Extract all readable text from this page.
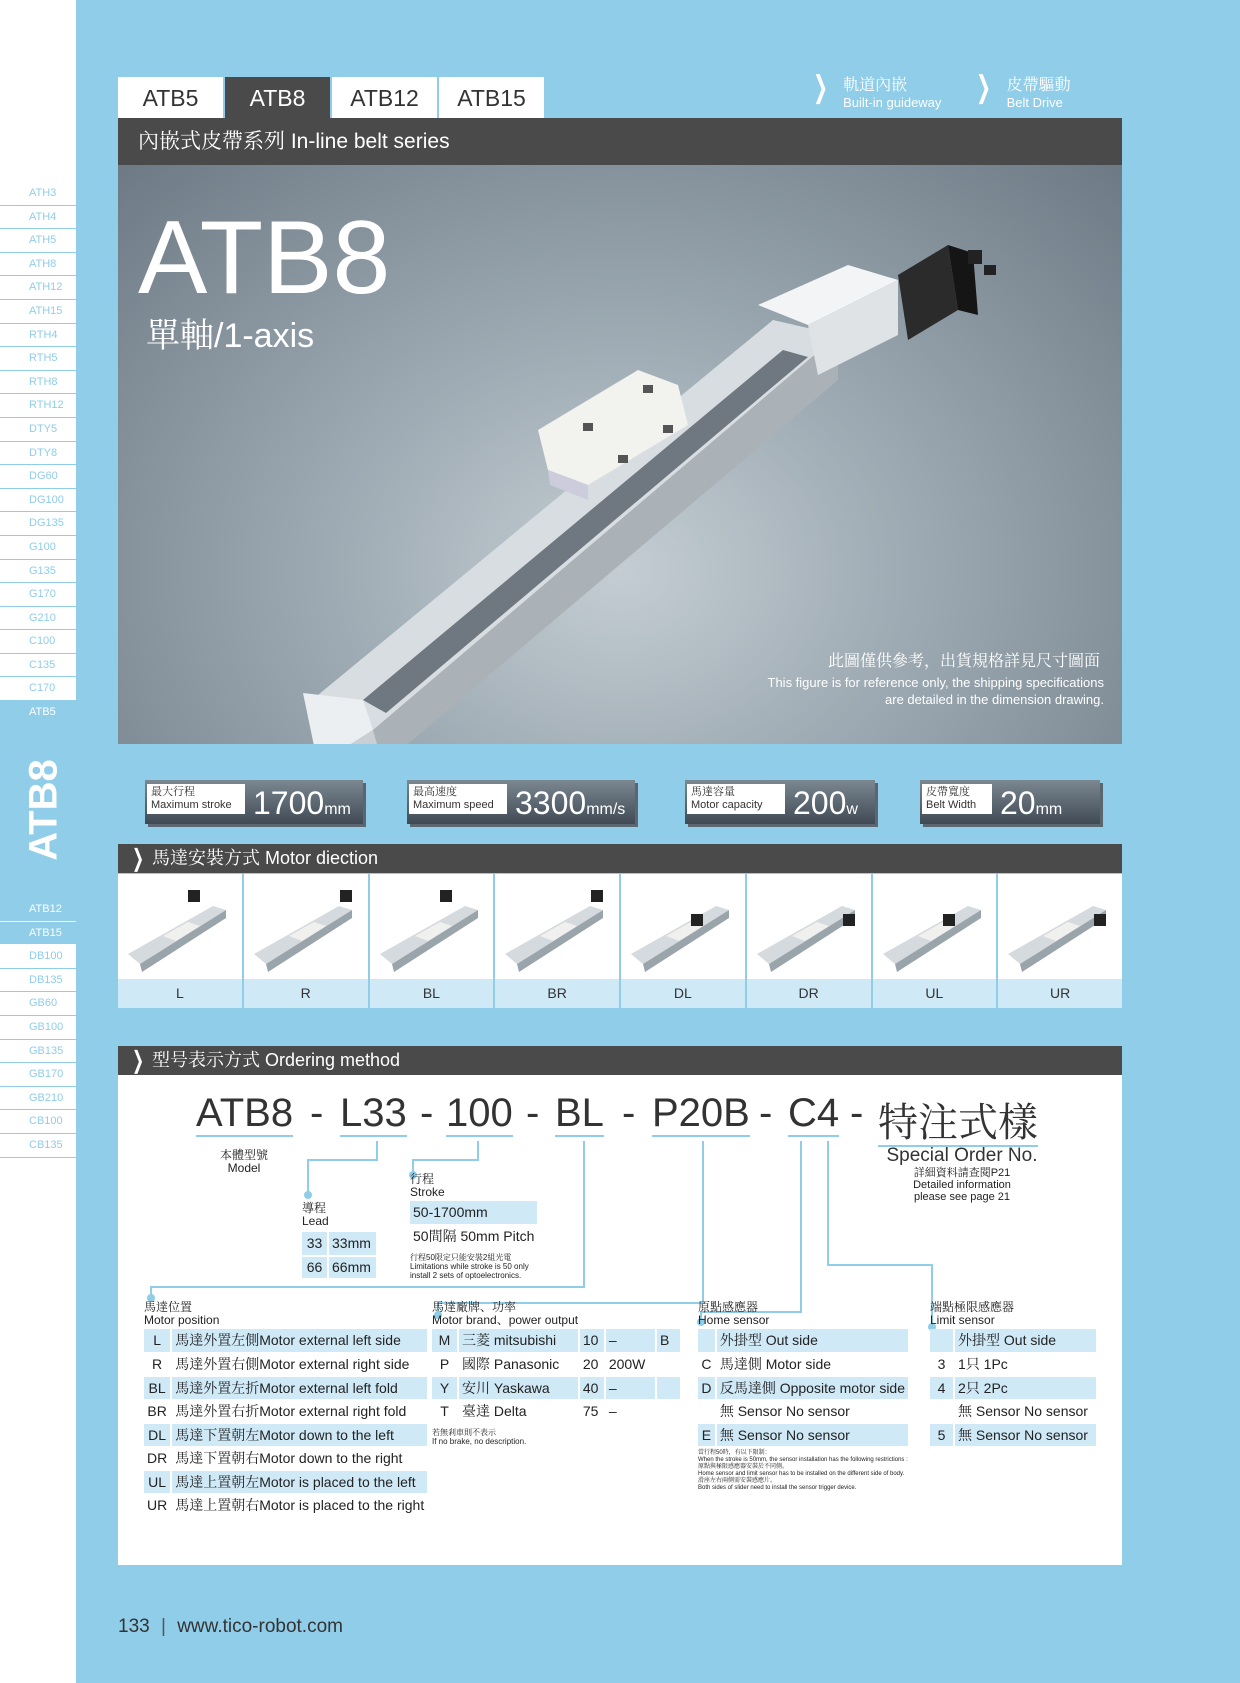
ATH3
ATH4
ATH5
ATH8
ATH12
ATH15
RTH4
RTH5
RTH8
RTH12
DTY5
DTY8
DG60
DG100
DG135
G100
G135
G170
G210
C100
C135
C170
ATB5
ATB8
ATB12
ATB15
DB100
DB135
GB60
GB100
GB135
GB170
GB210
CB100
CB135
ATB5	ATB8	ATB12	ATB15	❯ 軌道內嵌
Built-in guideway ❯ 皮帶驅動
Belt Drive
內嵌式皮帶系列 In-line belt series
ATB8
單軸/1-axis
此圖僅供參考，出貨規格詳見尺寸圖面
This figure is for reference only, the shipping specifications
are detailed in the dimension drawing.
最大行程
Maximum stroke 1700mm
最高速度
Maximum speed 3300mm/s
馬達容量
Motor capacity 200w
皮帶寬度
Belt Width 20mm
❯ 馬達安裝方式 Motor diection
L	R	BL	BR	DL	DR	UL	UR
❯ 型号表示方式 Ordering method
ATB8 - L33 - 100 - BL - P20B - C4 - 特注式樣
本體型號
Model
Special Order No.
詳細資料請查閱P21
Detailed information
please see page 21
行程
Stroke
50-1700mm
50間隔 50mm Pitch
行程50限定只能安裝2組光電
Limitations while stroke is 50 only
install 2 sets of optoelectronics.
導程
Lead
33	33mm
66	66mm
馬達位置
Motor position
L	馬達外置左側Motor external left side
R	馬達外置右側Motor external right side
BL	馬達外置左折Motor external left fold
BR	馬達外置右折Motor external right fold
DL	馬達下置朝左Motor down to the left
DR	馬達下置朝右Motor down to the right
UL	馬達上置朝左Motor is placed to the left
UR	馬達上置朝右Motor is placed to the right
馬達廠牌、功率
Motor brand、power output
M	三菱 mitsubishi	10	–	B
P	國際 Panasonic	20	200W	
Y	安川 Yaskawa	40	–	
T	臺達 Delta	75	–	
若無剎車則不表示
If no brake, no description.
原點感應器
Home sensor
	外掛型 Out side
C	馬達側 Motor side
D	反馬達側 Opposite motor side
	無 Sensor No sensor
E	無 Sensor No sensor
當行程50時，有以下限制：
When the stroke is 50mm, the sensor installation has the following restrictions :
原點與極限感應器安裝於不同側。
Home sensor and limit sensor has to be installed on the different side of body.
滑座左右兩側需安裝感應片。
Both sides of slider need to install the sensor trigger device.
端點極限感應器
Limit sensor
	外掛型 Out side
3	1只 1Pc
4	2只 2Pc
	無 Sensor No sensor
5	無 Sensor No sensor
133 | www.tico-robot.com
